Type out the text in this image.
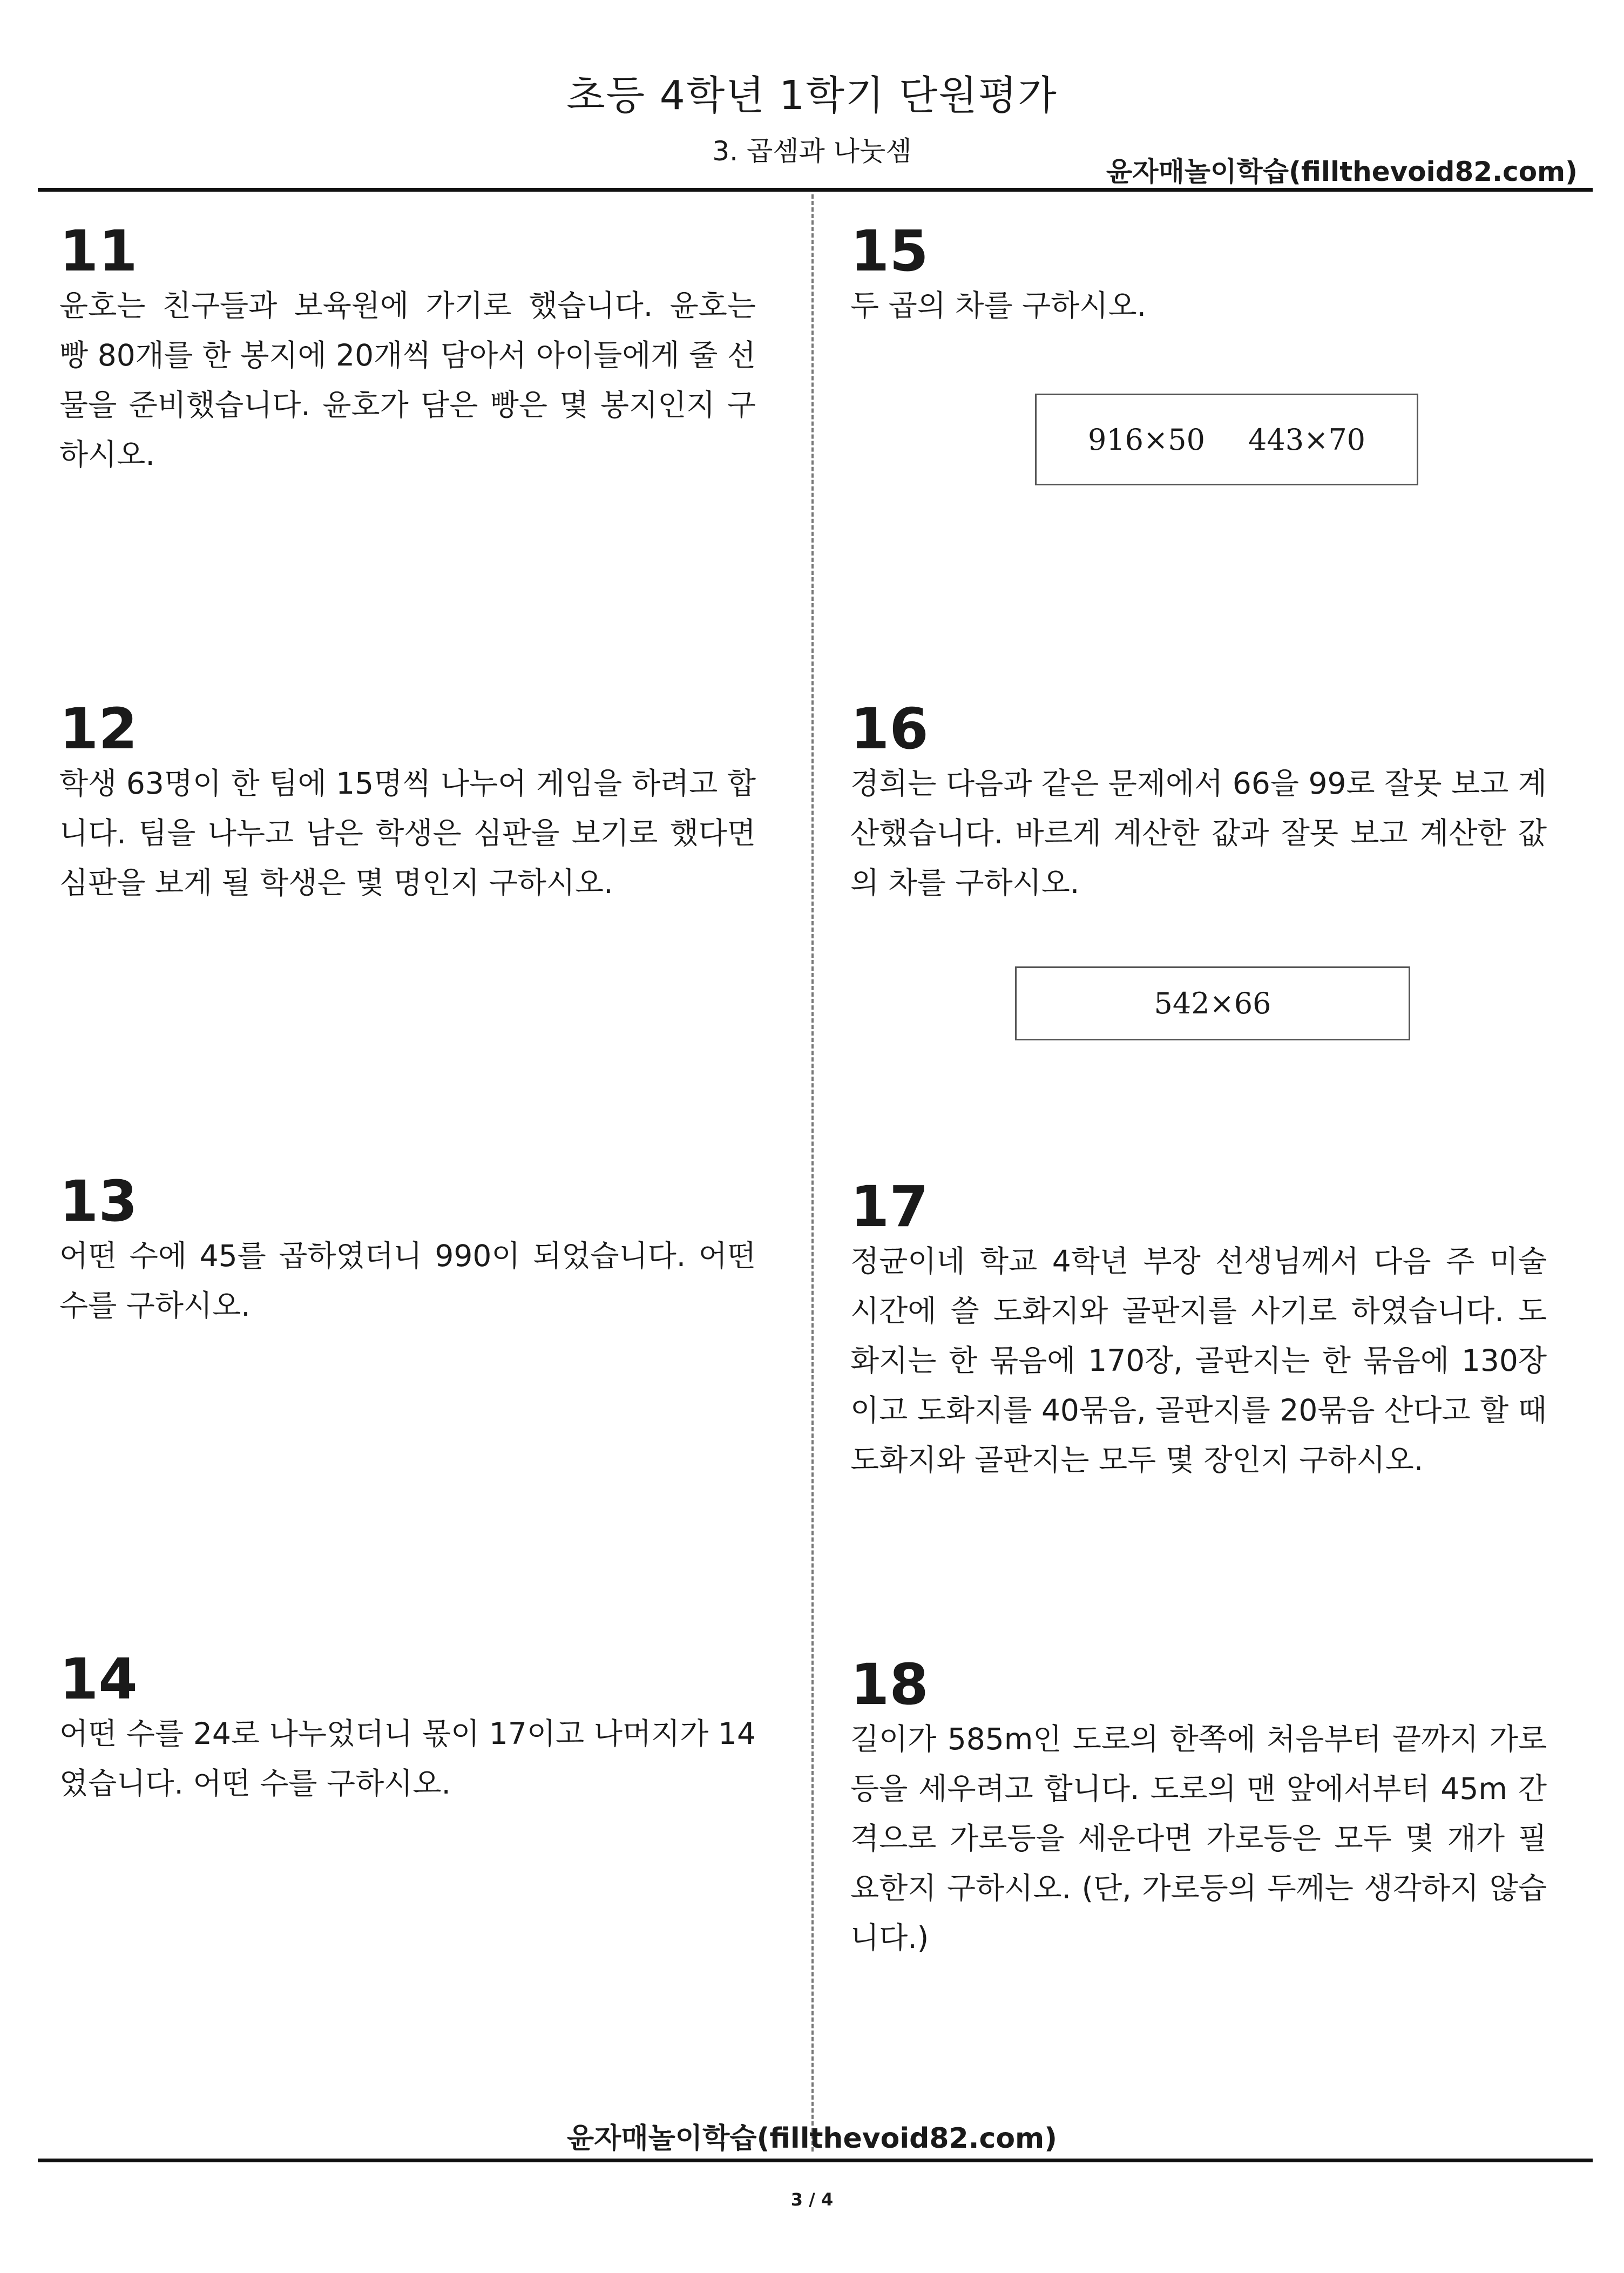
초등 4학년 1학기 단원평가
3. 곱셈과 나눗셈
윤자매놀이학습(fillthevoid82.com)
11
윤호는 친구들과 보육원에 가기로 했습니다. 윤호는 빵 80개를 한 봉지에 20개씩 담아서 아이들에게 줄 선물을 준비했습니다. 윤호가 담은 빵은 몇 봉지인지 구하시오.
12
학생 63명이 한 팀에 15명씩 나누어 게임을 하려고 합니다. 팀을 나누고 남은 학생은 심판을 보기로 했다면 심판을 보게 될 학생은 몇 명인지 구하시오.
13
어떤 수에 45를 곱하였더니 990이 되었습니다. 어떤 수를 구하시오.
14
어떤 수를 24로 나누었더니 몫이 17이고 나머지가 14였습니다. 어떤 수를 구하시오.
15
두 곱의 차를 구하시오.
916×50 443×70
16
경희는 다음과 같은 문제에서 66을 99로 잘못 보고 계산했습니다. 바르게 계산한 값과 잘못 보고 계산한 값의 차를 구하시오.
542×66
17
정균이네 학교 4학년 부장 선생님께서 다음 주 미술 시간에 쓸 도화지와 골판지를 사기로 하였습니다. 도화지는 한 묶음에 170장, 골판지는 한 묶음에 130장이고 도화지를 40묶음, 골판지를 20묶음 산다고 할 때 도화지와 골판지는 모두 몇 장인지 구하시오.
18
길이가 585m인 도로의 한쪽에 처음부터 끝까지 가로등을 세우려고 합니다. 도로의 맨 앞에서부터 45m 간격으로 가로등을 세운다면 가로등은 모두 몇 개가 필요한지 구하시오. (단, 가로등의 두께는 생각하지 않습니다.)
윤자매놀이학습(fillthevoid82.com)
3 / 4
